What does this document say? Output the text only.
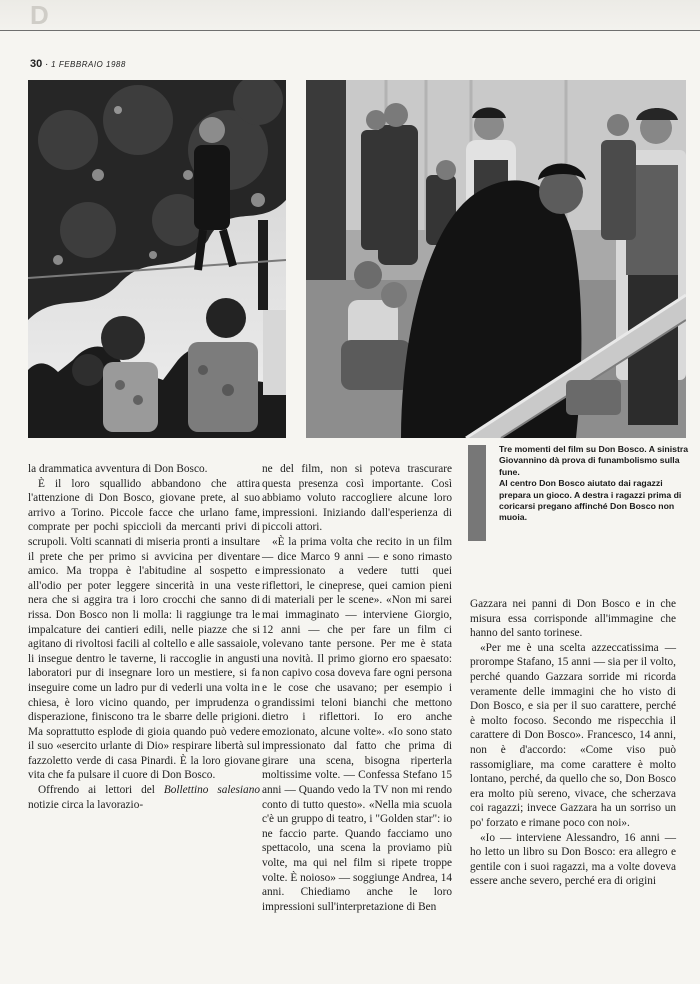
D​
30 · 1 FEBBRAIO 1988

Tre momenti del film su Don Bosco. A sinistra Giovannino dà prova di funambolismo sulla fune.

Al centro Don Bosco aiutato dai ragazzi prepara un gioco. A destra i ragazzi prima di coricarsi pregano affinché Don Bosco non muoia.

la drammatica avventura di Don Bosco.

È il loro squallido abbandono che attira l'attenzione di Don Bosco, giovane prete, al suo arrivo a Torino. Piccole facce che urlano fame, comprate per pochi spiccioli da mercanti privi di scrupoli. Volti scannati di miseria pronti a insultare il prete che per primo si avvicina per diventare amico. Ma troppa è l'abitudine al sospetto e all'odio per poter leggere sincerità in una veste nera che si aggira tra i loro crocchi che sanno di rissa. Don Bosco non li molla: li raggiunge tra le impalcature dei cantieri edili, nelle piazze che si agitano di rivoltosi facili al coltello e alle sassaiole, li insegue dentro le taverne, li raccoglie in angusti laboratori pur di insegnare loro un mestiere, si fa inseguire come un ladro pur di vederli una volta in chiesa, è loro vicino quando, per imprudenza o disperazione, finiscono tra le sbarre delle prigioni. Ma soprattutto esplode di gioia quando può vedere il suo «esercito urlante di Dio» respirare libertà sul fazzoletto verde di casa Pinardi. È la loro giovane vita che fa pulsare il cuore di Don Bosco.

Offrendo ai lettori del Bollettino salesiano notizie circa la lavorazio-

ne del film, non si poteva trascurare questa presenza così importante. Così abbiamo voluto raccogliere alcune loro impressioni. Iniziando dall'esperienza di piccoli attori.

«È la prima volta che recito in un film — dice Marco 9 anni — e sono rimasto impressionato a vedere tutti quei riflettori, le cineprese, quei camion pieni di materiali per le scene». «Non mi sarei mai immaginato — interviene Giorgio, 12 anni — che per fare un film ci volevano tante persone. Per me è stata una novità. Il primo giorno ero spaesato: non capivo cosa doveva fare ogni persona e le cose che usavano; per esempio i grandissimi teloni bianchi che mettono dietro i riflettori. Io ero anche emozionato, alcune volte». «Io sono stato impressionato dal fatto che prima di girare una scena, bisogna riperterla moltissime volte. — Confessa Stefano 15 anni — Quando vedo la TV non mi rendo conto di tutto questo». «Nella mia scuola c'è un gruppo di teatro, i "Golden star": io ne faccio parte. Quando facciamo uno spettacolo, una scena la proviamo più volte, ma qui nel film si ripete troppe volte. È noioso» — soggiunge Andrea, 14 anni. Chiediamo anche le loro impressioni sull'interpretazione di Ben

Gazzara nei panni di Don Bosco e in che misura essa corrisponde all'immagine che hanno del santo torinese.

«Per me è una scelta azzeccatissima — prorompe Stafano, 15 anni — sia per il volto, perché quando Gazzara sorride mi ricorda veramente delle immagini che ho visto di Don Bosco, e sia per il suo carattere, perché è molto focoso. Secondo me rispecchia il carattere di Don Bosco». Francesco, 14 anni, non è d'accordo: «Come viso può rassomigliare, ma come carattere è molto lontano, perché, da quello che so, Don Bosco era molto più sereno, vivace, che scherzava coi ragazzi; invece Gazzara ha un sorriso un po' forzato e rimane poco con noi».

«Io — interviene Alessandro, 16 anni — ho letto un libro su Don Bosco: era allegro e gentile con i suoi ragazzi, ma a volte doveva essere anche severo, perché era di origini
